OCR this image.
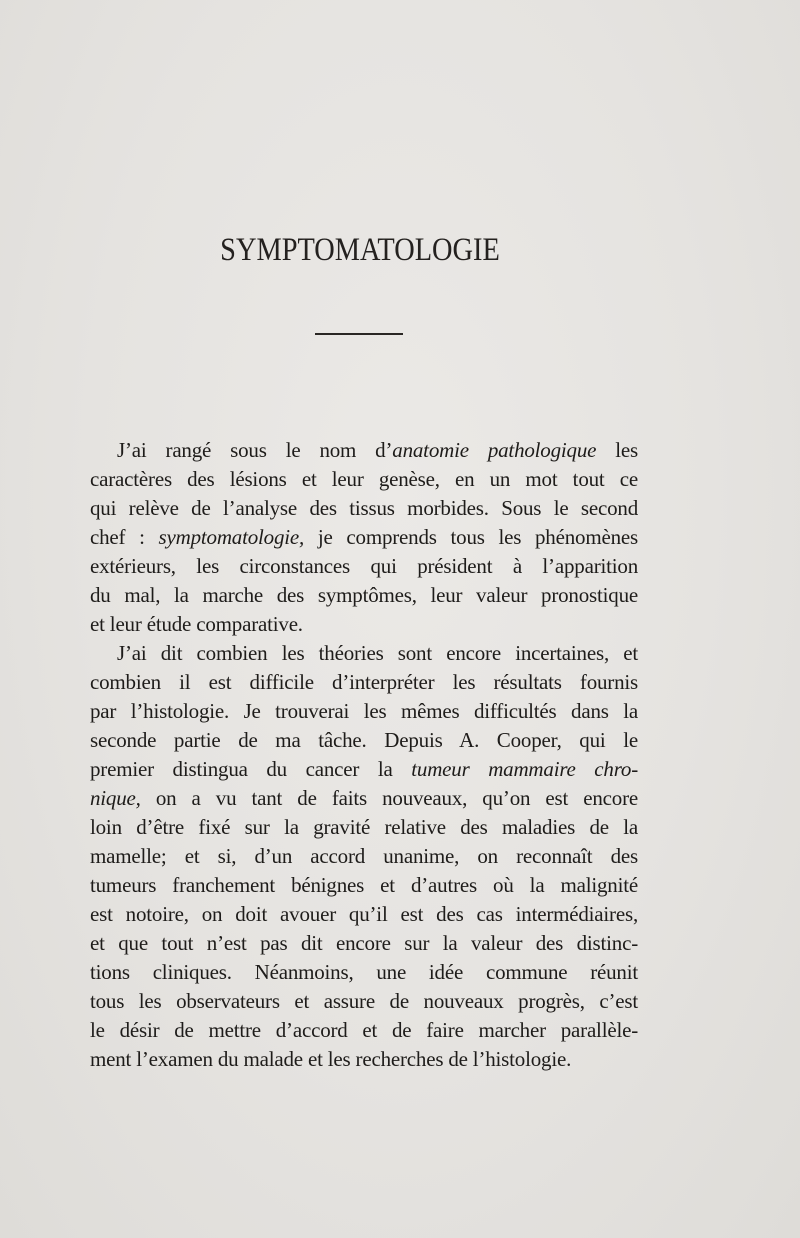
SYMPTOMATOLOGIE
J’ai rangé sous le nom d’anatomie pathologique les
caractères des lésions et leur genèse, en un mot tout ce
qui relève de l’analyse des tissus morbides. Sous le second
chef : symptomatologie, je comprends tous les phénomènes
extérieurs, les circonstances qui président à l’apparition
du mal, la marche des symptômes, leur valeur pronostique
et leur étude comparative.
J’ai dit combien les théories sont encore incertaines, et
combien il est difficile d’interpréter les résultats fournis
par l’histologie. Je trouverai les mêmes difficultés dans la
seconde partie de ma tâche. Depuis A. Cooper, qui le
premier distingua du cancer la tumeur mammaire chro-
nique, on a vu tant de faits nouveaux, qu’on est encore
loin d’être fixé sur la gravité relative des maladies de la
mamelle; et si, d’un accord unanime, on reconnaît des
tumeurs franchement bénignes et d’autres où la malignité
est notoire, on doit avouer qu’il est des cas intermédiaires,
et que tout n’est pas dit encore sur la valeur des distinc-
tions cliniques. Néanmoins, une idée commune réunit
tous les observateurs et assure de nouveaux progrès, c’est
le désir de mettre d’accord et de faire marcher parallèle-
ment l’examen du malade et les recherches de l’histologie.
